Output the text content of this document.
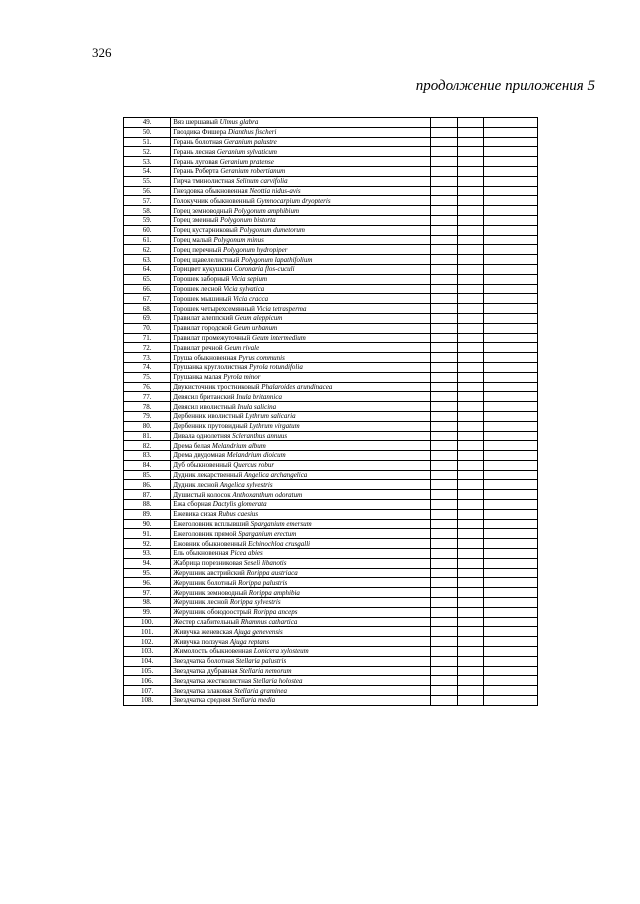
326
продолжение приложения 5
49.	Вяз шершавый Ulmus glabra			
50.	Гвоздика Фишера Dianthus fischeri			
51.	Герань болотная Geranium palustre			
52.	Герань лесная Geranium sylvaticum			
53.	Герань луговая Geranium pratense			
54.	Герань Роберта Geranium robertianum			
55.	Гирча тминолистная Selinum carvifolia			
56.	Гнездовка обыкновенная Neottia nidus-avis			
57.	Голокучник обыкновенный Gymnocarpium dryopteris			
58.	Горец земноводный Polygonum amphibium			
59.	Горец змеиный Polygonum bistorta			
60.	Горец кустарниковый Polygonum dumetorum			
61.	Горец малый Polygonum minus			
62.	Горец перечный Polygonum hydropiper			
63.	Горец щавелелистный Polygonum lapathifolium			
64.	Горицвет кукушкин Coronaria flos-cuculi			
65.	Горошек заборный Vicia sepium			
66.	Горошек лесной Vicia sylvatica			
67.	Горошек мышиный Vicia cracca			
68.	Горошек четырехсемянный Vicia tetrasperma			
69.	Гравилат алеппский Geum aleppicum			
70.	Гравилат городской Geum urbanum			
71.	Гравилат промежуточный Geum intermedium			
72.	Гравилат речной Geum rivale			
73.	Груша обыкновенная Pyrus communis			
74.	Грушанка круглолистная Pyrola rotundifolia			
75.	Грушанка малая Pyrola minor			
76.	Двукисточник тростниковый Phalaroides arundinacea			
77.	Девясил британский Inula britannica			
78.	Девясил иволистный Inula salicina			
79.	Дербенник иволистный Lythrum salicaria			
80.	Дербенник прутовидный Lythrum virgatum			
81.	Дивала однолетняя Scleranthus annuus			
82.	Дрема белая Melandrium album			
83.	Дрема двудомная Melandrium dioicum			
84.	Дуб обыкновенный Quercus robur			
85.	Дудник лекарственный Angelica archangelica			
86.	Дудник лесной Angelica sylvestris			
87.	Душистый колосок Anthoxanthum odoratum			
88.	Ежа сборная Dactylis glomerata			
89.	Ежевика сизая Rubus caesius			
90.	Ежеголовник всплывший Sparganium emersum			
91.	Ежеголовник прямой Sparganium erectum			
92.	Ежовник обыкновенный Echinochloa crusgalli			
93.	Ель обыкновенная Picea abies			
94.	Жабрица порезниковая Seseli libanotis			
95.	Жерушник австрийский Rorippa austriaca			
96.	Жерушник болотный Rorippa palustris			
97.	Жерушник земноводный Rorippa amphibia			
98.	Жерушник лесной Rorippa sylvestris			
99.	Жерушник обоюдоострый Rorippa anceps			
100.	Жестер слабительный Rhamnus cathartica			
101.	Живучка женевская Ajuga genevensis			
102.	Живучка ползучая Ajuga reptans			
103.	Жимолость обыкновенная Lonicera xylosteum			
104.	Звездчатка болотная Stellaria palustris			
105.	Звездчатка дубравная Stellaria nemorum			
106.	Звездчатка жестколистная Stellaria holostea			
107.	Звездчатка злаковая Stellaria graminea			
108.	Звездчатка средняя Stellaria media			
